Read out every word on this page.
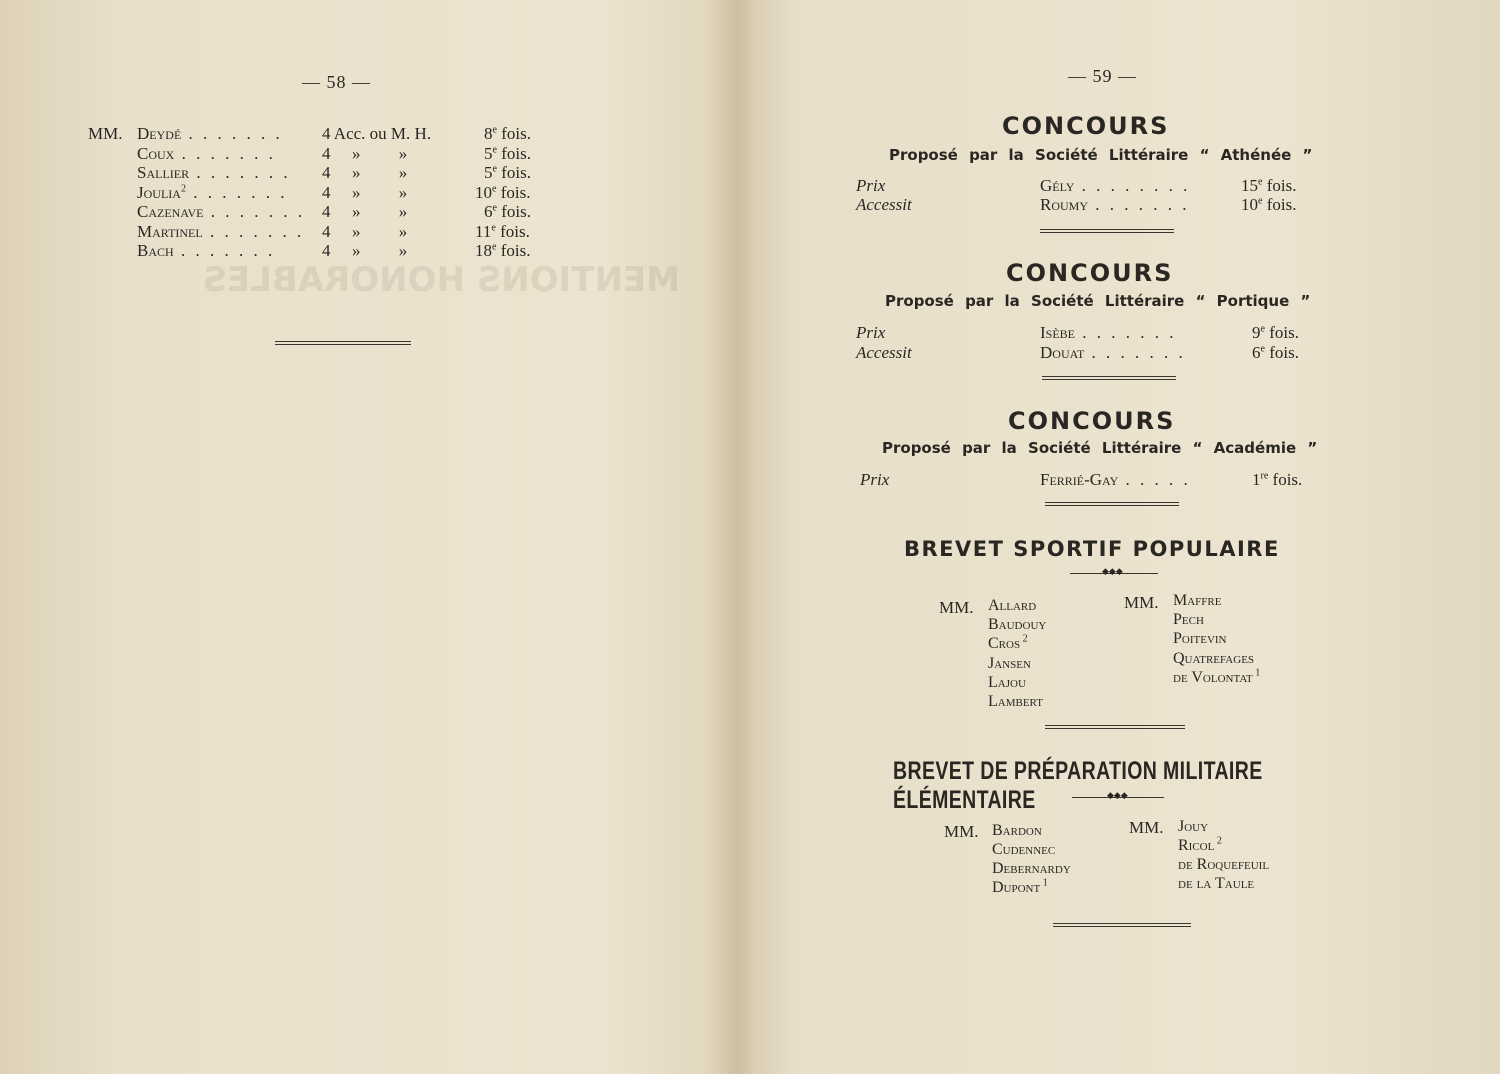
MENTIONS HONORABLES
— 58 —
MM. Deydé . . . . . . . 4 Acc. ou M. H.	8e fois.
Coux . . . . . . .	4 »         »	5e fois.
Sallier . . . . . . . 4 »         »	5e fois.
Joulia$^2$ . . . . . . . 4 »         »	10e fois.
Cazenave . . . . . . . 4 »         »	6e fois.
Martinel . . . . . . . 4 »         »	11e fois.
Bach . . . . . . .	4 »         »	18e fois.
— 59 —
CONCOURS
Proposé par la Société Littéraire “ Athénée ”
Prix	Gély . . . . . . . .	15e fois.
Accessit	Roumy . . . . . . .	10e fois.
CONCOURS
Proposé par la Société Littéraire “ Portique ”
Prix	Isèbe . . . . . . .	9e fois.
Accessit	Douat . . . . . . .	6e fois.
CONCOURS
Proposé par la Société Littéraire “ Académie ”
Prix	Ferrié-Gay . . . . .	1re fois.
BREVET SPORTIF POPULAIRE
◆◆◆
MM.	MM.
Allard
Baudouy
Cros $^2$
Jansen
Lajou
Lambert
Maffre
Pech
Poitevin
Quatrefages
de Volontat $^1$
BREVET DE PRÉPARATION MILITAIRE ÉLÉMENTAIRE	◆◆◆
MM.	MM.
Bardon
Cudennec
Debernardy
Dupont $^1$
Jouy
Ricol $^2$
de Roquefeuil
de la Taule
